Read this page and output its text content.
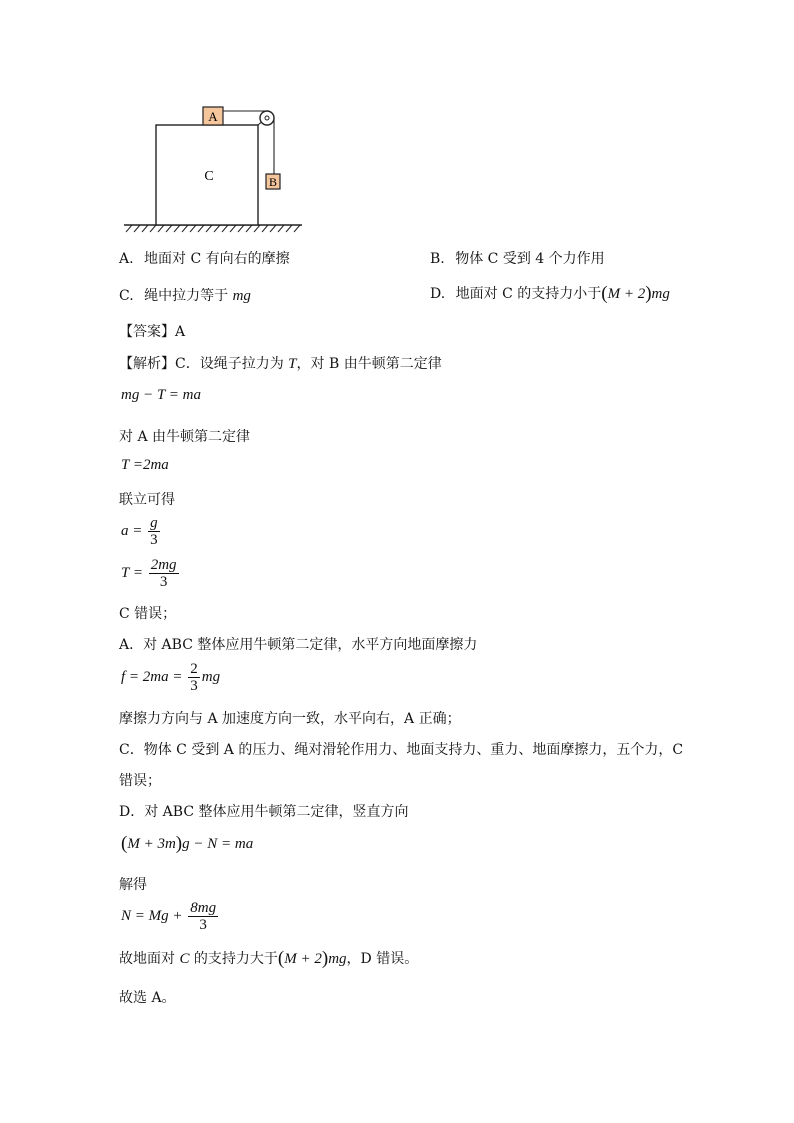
C
A
B
A. 地面对 C 有向右的摩擦	B. 物体 C 受到 4 个力作用
C. 绳中拉力等于 mg	D. 地面对 C 的支持力小于(M + 2)mg
【答案】A
【解析】C．设绳子拉力为 T，对 B 由牛顿第二定律
mg − T = ma
对 A 由牛顿第二定律
T =2ma
联立可得
$a = \frac{g}{3}$
$T = \frac{2mg}{3}$
C 错误；
A．对 ABC 整体应用牛顿第二定律，水平方向地面摩擦力
$f = 2ma = \frac{2}{3}$ mg
摩擦力方向与 A 加速度方向一致，水平向右，A 正确；
C．物体 C 受到 A 的压力、绳对滑轮作用力、地面支持力、重力、地面摩擦力，五个力，C
错误；
D．对 ABC 整体应用牛顿第二定律，竖直方向
(M + 3m)g − N = ma
解得
$N = Mg + \frac{8mg}{3}$
故地面对 C 的支持力大于(M + 2)mg，D 错误。
故选 A。
